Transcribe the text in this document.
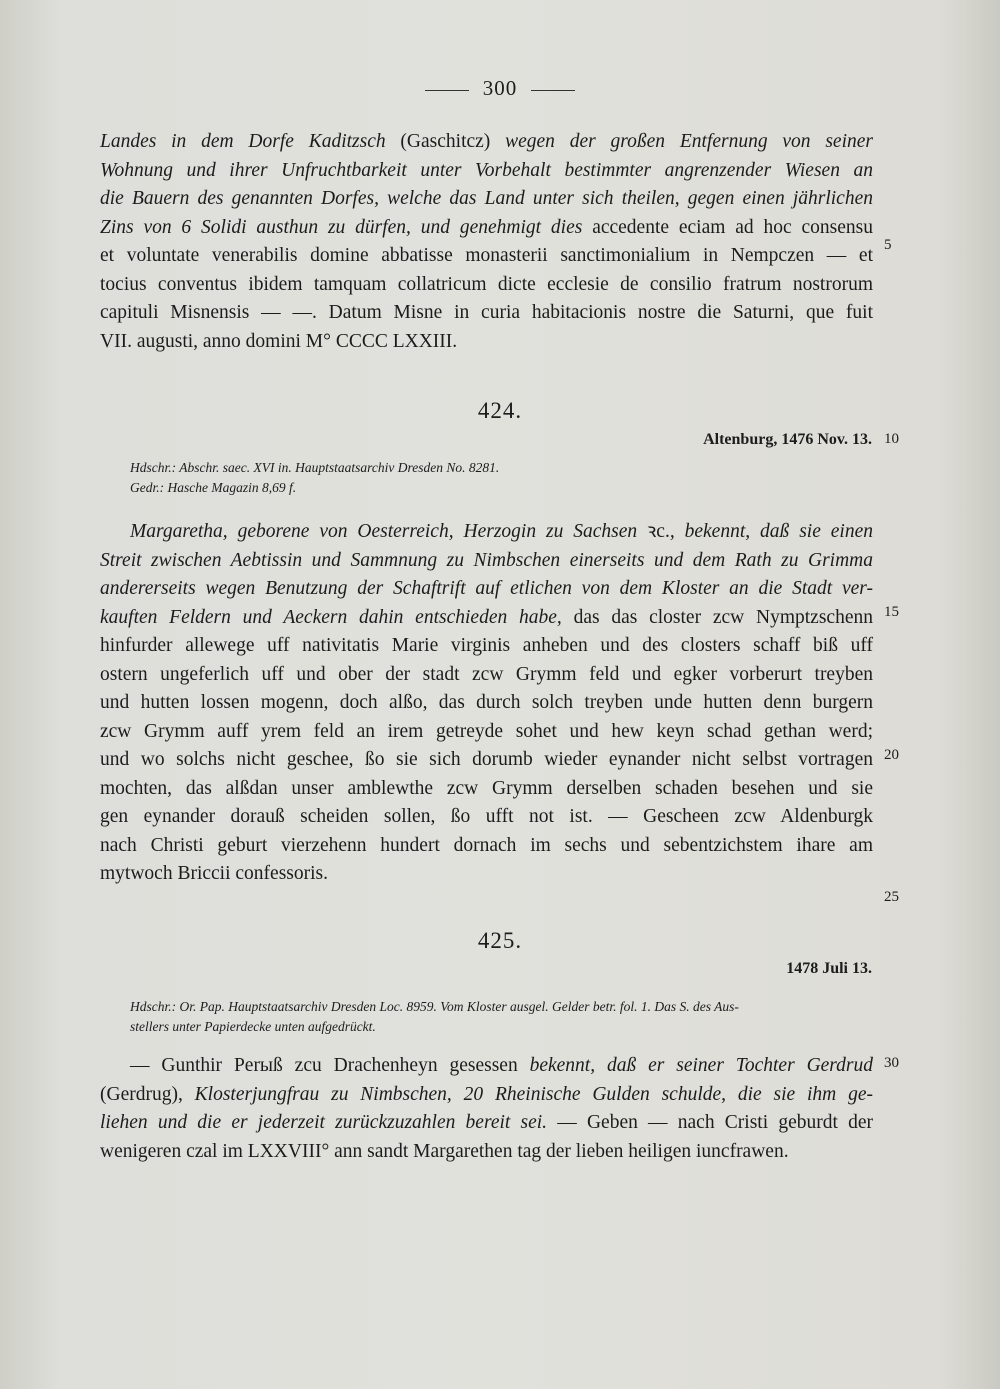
300
Landes in dem Dorfe Kaditzsch (Gaschitcz) wegen der großen Entfernung von seiner
Wohnung und ihrer Unfruchtbarkeit unter Vorbehalt bestimmter angrenzender Wiesen an
die Bauern des genannten Dorfes, welche das Land unter sich theilen, gegen einen jährlichen
Zins von 6 Solidi austhun zu dürfen, und genehmigt dies accedente eciam ad hoc consensu
et voluntate venerabilis domine abbatisse monasterii sanctimonialium in Nempczen — et
tocius conventus ibidem tamquam collatricum dicte ecclesie de consilio fratrum nostrorum
capituli Misnensis — —. Datum Misne in curia habitacionis nostre die Saturni, que fuit
VII. augusti, anno domini M° CCCC LXXIII.
5
424.
Altenburg, 1476 Nov. 13. 10
Hdschr.: Abschr. saec. XVI in. Hauptstaatsarchiv Dresden No. 8281.
Gedr.: Hasche Magazin 8,69 f.
Margaretha, geborene von Oesterreich, Herzogin zu Sachsen ꝛc., bekennt, daß sie einen
Streit zwischen Aebtissin und Sammnung zu Nimbschen einerseits und dem Rath zu Grimma
andererseits wegen Benutzung der Schaftrift auf etlichen von dem Kloster an die Stadt ver-
kauften Feldern und Aeckern dahin entschieden habe, das das closter zcw Nymptzschenn
hinfurder allewege uff nativitatis Marie virginis anheben und des closters schaff biß uff
ostern ungeferlich uff und ober der stadt zcw Grymm feld und egker vorberurt treyben
und hutten lossen mogenn, doch alßo, das durch solch treyben unde hutten denn burgern
zcw Grymm auff yrem feld an irem getreyde sohet und hew keyn schad gethan werd;
und wo solchs nicht geschee, ßo sie sich dorumb wieder eynander nicht selbst vortragen
mochten, das alßdan unser amblewthe zcw Grymm derselben schaden besehen und sie
gen eynander dorauß scheiden sollen, ßo ufft not ist. — Gescheen zcw Aldenburgk
nach Christi geburt vierzehenn hundert dornach im sechs und sebentzichstem ihare am
mytwoch Briccii confessoris.
15
20
25
425.
1478 Juli 13.
Hdschr.: Or. Pap. Hauptstaatsarchiv Dresden Loc. 8959. Vom Kloster ausgel. Gelder betr. fol. 1. Das S. des Aus-
stellers unter Papierdecke unten aufgedrückt.
— Gunthir Perыß zcu Drachenheyn gesessen bekennt, daß er seiner Tochter Gerdrud
(Gerdrug), Klosterjungfrau zu Nimbschen, 20 Rheinische Gulden schulde, die sie ihm ge-
liehen und die er jederzeit zurückzuzahlen bereit sei. — Geben — nach Cristi geburdt der
wenigeren czal im LXXVIII° ann sandt Margarethen tag der lieben heiligen iuncfrawen.
30
